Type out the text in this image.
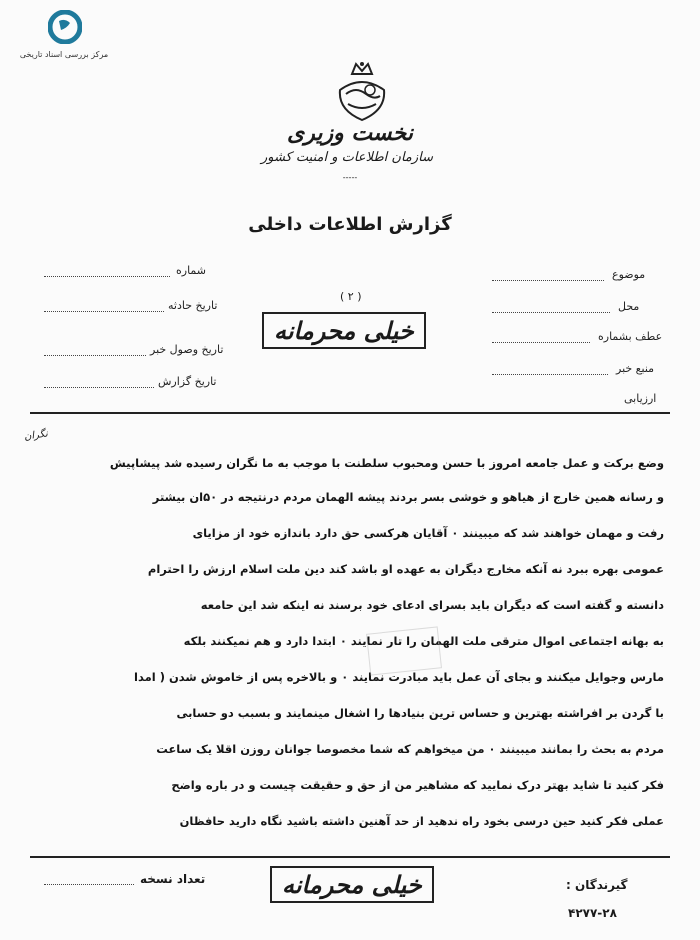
مرکز بررسی اسناد تاریخی
نخست وزیری
سازمان اطلاعات و امنیت کشور
-----
گزارش اطلاعات داخلی
شماره
تاریخ حادثه
تاریخ وصول خبر
تاریخ گزارش
موضوع
محل
عطف بشماره
منبع خبر
ارزیابی
( ۲ )
خیلی محرمانه
نگران
وضع برکت و عمل جامعه امروز با حسن ومحبوب سلطنت با موجب به ما نگران رسیده شد پیشاپیش
و رسانه همین خارج از هیاهو و خوشی بسر بردند پیشه الهمان مردم درنتیجه در ۵۰ان بیشتر
رفت و مهمان خواهند شد که میبینند ۰ آقایان هرکسی حق دارد باندازه خود از مزایای
عمومی بهره ببرد نه آنکه مخارج دیگران به عهده او باشد کند دین ملت اسلام ارزش را احترام
دانسته و گفته است که دیگران باید بسرای ادعای خود برسند نه اینکه شد این حامعه
به بهانه اجتماعی اموال مترقی ملت الهمان را تار نمایند ۰ ابتدا دارد و هم نمیکنند بلکه
مارس وجوایل میکنند و بجای آن عمل باید مبادرت نمایند ۰ و بالاخره پس از خاموش شدن ( امدا
با گردن بر افراشته بهترین و حساس ترین بنیادها را اشغال مینمایند و بسبب دو حسابی
مردم به بحث را بمانند میبینند ۰ من میخواهم که شما مخصوصا جوانان روزن اقلا یک ساعت
فکر کنید تا شاید بهتر درک نمایید که مشاهیر من از حق و حقیقت چیست و در باره واضح
عملی فکر کنید حین درسی بخود راه ندهید از حد آهنین داشته باشید نگاه دارید حافظان
تعداد نسخه	خیلی محرمانه	گیرندگان :
۴۲۷۷-۲۸
